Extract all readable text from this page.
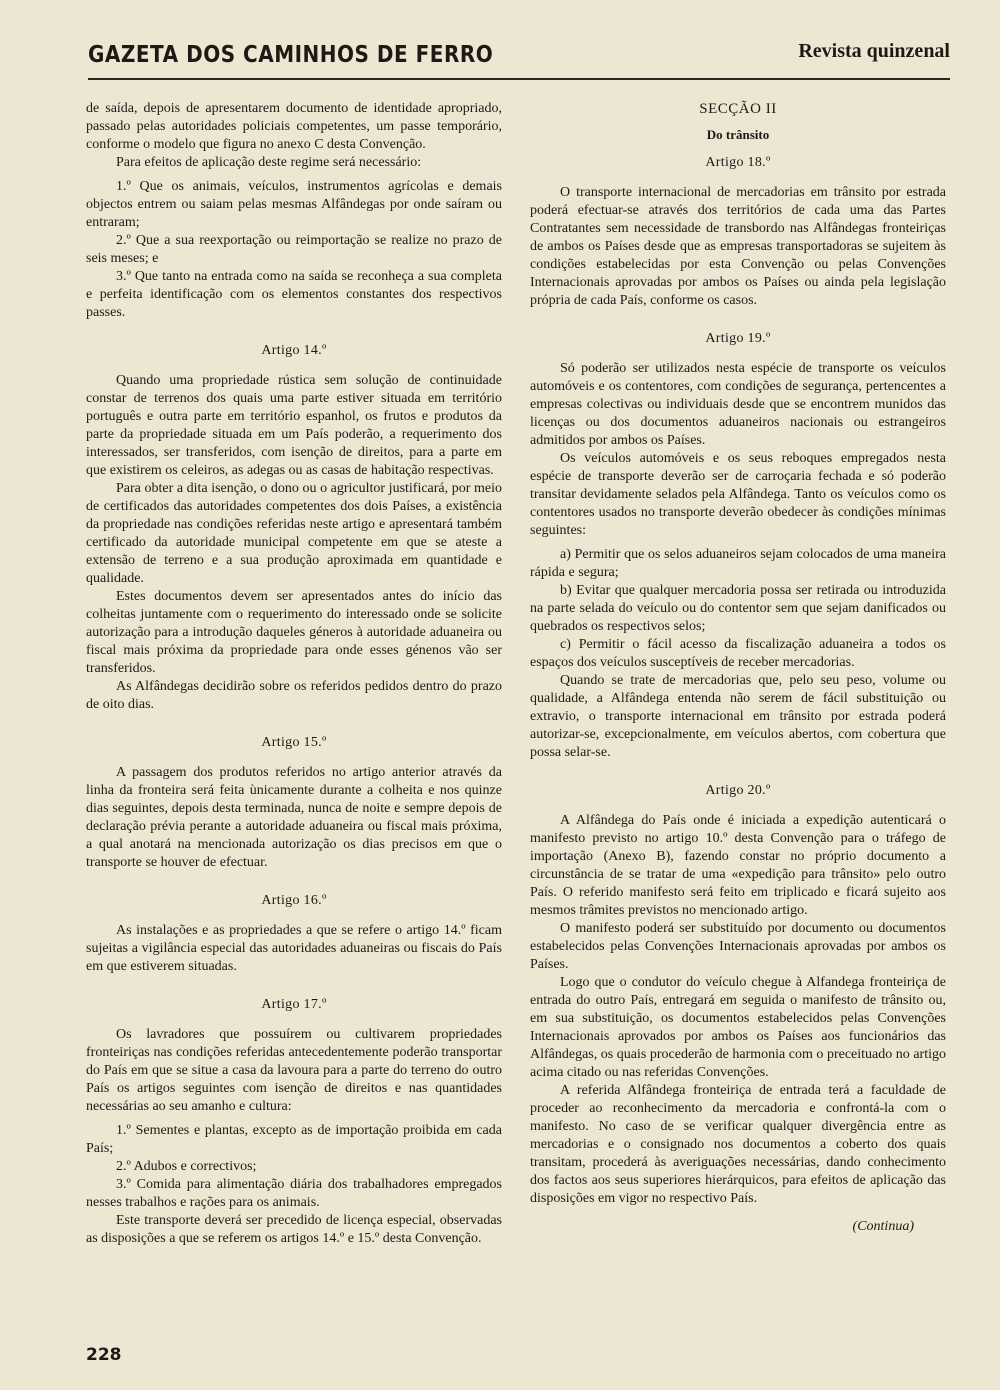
GAZETA DOS CAMINHOS DE FERRO	Revista quinzenal

de saída, depois de apresentarem documento de identidade apropriado, passado pelas autoridades policiais competentes, um passe temporário, conforme o modelo que figura no anexo C desta Convenção.

Para efeitos de aplicação deste regime será necessário:

1.º Que os animais, veículos, instrumentos agrícolas e demais objectos entrem ou saiam pelas mesmas Alfândegas por onde saíram ou entraram;

2.º Que a sua reexportação ou reimportação se realize no prazo de seis meses; e

3.º Que tanto na entrada como na saída se reconheça a sua completa e perfeita identificação com os elementos constantes dos respectivos passes.

Artigo 14.º

Quando uma propriedade rústica sem solução de continuidade constar de terrenos dos quais uma parte estiver situada em território português e outra parte em território espanhol, os frutos e produtos da parte da propriedade situada em um País poderão, a requerimento dos interessados, ser transferidos, com isenção de direitos, para a parte em que existirem os celeiros, as adegas ou as casas de habitação respectivas.

Para obter a dita isenção, o dono ou o agricultor justificará, por meio de certificados das autoridades competentes dos dois Países, a existência da propriedade nas condições referidas neste artigo e apresentará também certificado da autoridade municipal competente em que se ateste a extensão de terreno e a sua produção aproximada em quantidade e qualidade.

Estes documentos devem ser apresentados antes do início das colheitas juntamente com o requerimento do interessado onde se solicite autorização para a introdução daqueles géneros à autoridade aduaneira ou fiscal mais próxima da propriedade para onde esses génenos vão ser transferidos.

As Alfândegas decidirão sobre os referidos pedidos dentro do prazo de oito dias.

Artigo 15.º

A passagem dos produtos referidos no artigo anterior através da linha da fronteira será feita ùnicamente durante a colheita e nos quinze dias seguintes, depois desta terminada, nunca de noite e sempre depois de declaração prévia perante a autoridade aduaneira ou fiscal mais próxima, a qual anotará na mencionada autorização os dias precisos em que o transporte se houver de efectuar.

Artigo 16.º

As instalações e as propriedades a que se refere o artigo 14.º ficam sujeitas a vigilância especial das autoridades aduaneiras ou fiscais do País em que estiverem situadas.

Artigo 17.º

Os lavradores que possuírem ou cultivarem propriedades fronteiriças nas condições referidas antecedentemente poderão transportar do País em que se situe a casa da lavoura para a parte do terreno do outro País os artigos seguintes com isenção de direitos e nas quantidades necessárias ao seu amanho e cultura:

1.º Sementes e plantas, excepto as de importação proibida em cada País;

2.º Adubos e correctivos;

3.º Comida para alimentação diária dos trabalhadores empregados nesses trabalhos e rações para os animais.

Este transporte deverá ser precedido de licença especial, observadas as disposições a que se referem os artigos 14.º e 15.º desta Convenção.

SECÇÃO II
Do trânsito
Artigo 18.º

O transporte internacional de mercadorias em trânsito por estrada poderá efectuar-se através dos territórios de cada uma das Partes Contratantes sem necessidade de transbordo nas Alfândegas fronteiriças de ambos os Países desde que as empresas transportadoras se sujeitem às condições estabelecidas por esta Convenção ou pelas Convenções Internacionais aprovadas por ambos os Países ou ainda pela legislação própria de cada País, conforme os casos.

Artigo 19.º

Só poderão ser utilizados nesta espécie de transporte os veículos automóveis e os contentores, com condições de segurança, pertencentes a empresas colectivas ou individuais desde que se encontrem munidos das licenças ou dos documentos aduaneiros nacionais ou estrangeiros admitidos por ambos os Países.

Os veículos automóveis e os seus reboques empregados nesta espécie de transporte deverão ser de carroçaria fechada e só poderão transitar devidamente selados pela Alfândega. Tanto os veículos como os contentores usados no transporte deverão obedecer às condições mínimas seguintes:

a) Permitir que os selos aduaneiros sejam colocados de uma maneira rápida e segura;

b) Evitar que qualquer mercadoria possa ser retirada ou introduzida na parte selada do veículo ou do contentor sem que sejam danificados ou quebrados os respectivos selos;

c) Permitir o fácil acesso da fiscalização aduaneira a todos os espaços dos veículos susceptíveis de receber mercadorias.

Quando se trate de mercadorias que, pelo seu peso, volume ou qualidade, a Alfândega entenda não serem de fácil substituição ou extravio, o transporte internacional em trânsito por estrada poderá autorizar-se, excepcionalmente, em veículos abertos, com cobertura que possa selar-se.

Artigo 20.º

A Alfândega do País onde é iniciada a expedição autenticará o manifesto previsto no artigo 10.º desta Convenção para o tráfego de importação (Anexo B), fazendo constar no próprio documento a circunstância de se tratar de uma «expedição para trânsito» pelo outro País. O referido manifesto será feito em triplicado e ficará sujeito aos mesmos trâmites previstos no mencionado artigo.

O manifesto poderá ser substituído por documento ou documentos estabelecidos pelas Convenções Internacionais aprovadas por ambos os Países.

Logo que o condutor do veículo chegue à Alfandega fronteiriça de entrada do outro País, entregará em seguida o manifesto de trânsito ou, em sua substituição, os documentos estabelecidos pelas Convenções Internacionais aprovados por ambos os Países aos funcionários das Alfândegas, os quais procederão de harmonia com o preceituado no artigo acima citado ou nas referidas Convenções.

A referida Alfândega fronteiriça de entrada terá a faculdade de proceder ao reconhecimento da mercadoria e confrontá-la com o manifesto. No caso de se verificar qualquer divergência entre as mercadorias e o consignado nos documentos a coberto dos quais transitam, procederá às averiguações necessárias, dando conhecimento dos factos aos seus superiores hierárquicos, para efeitos de aplicação das disposições em vigor no respectivo País.

(Continua)
228
